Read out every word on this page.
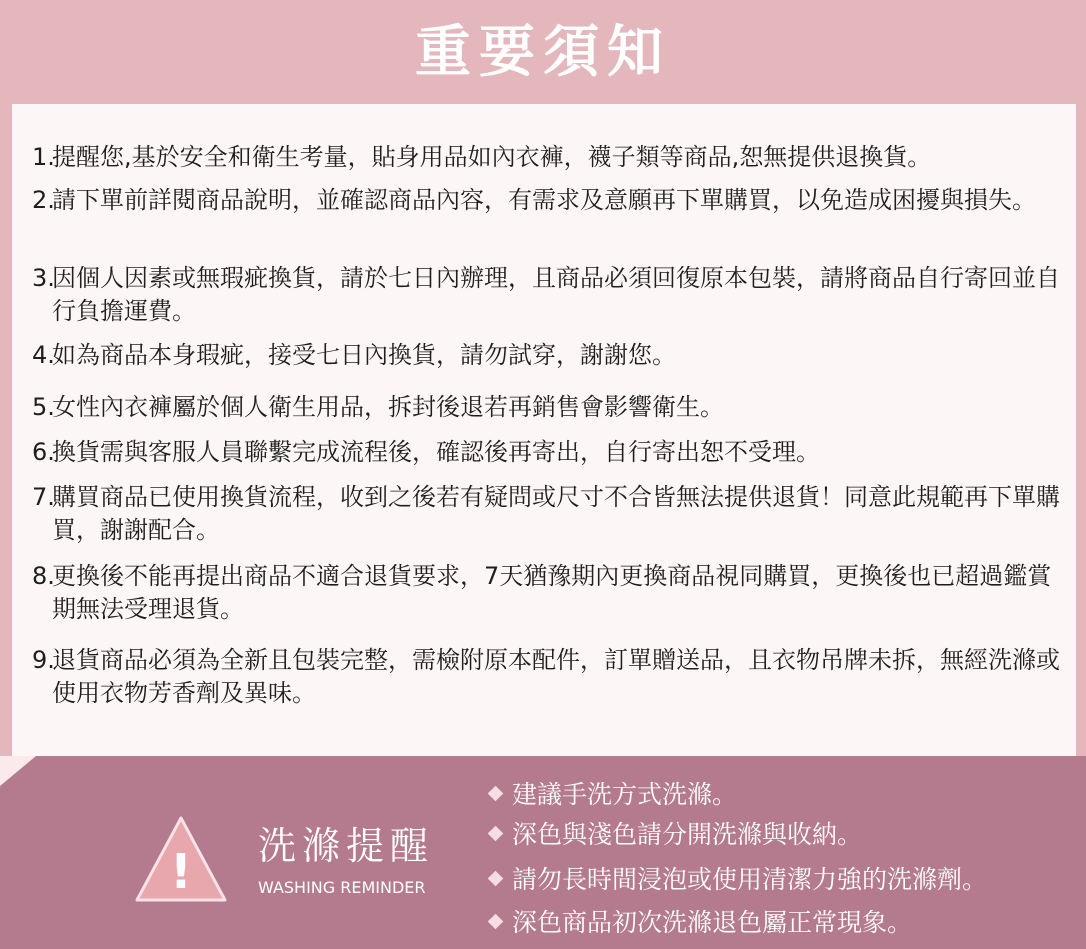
重要須知
1.
提醒您,基於安全和衛生考量，貼身用品如內衣褲，襪子類等商品,恕無提供退換貨。
2.
請下單前詳閱商品說明，並確認商品內容，有需求及意願再下單購買，以免造成困擾與損失。
3.
因個人因素或無瑕疵換貨，請於七日內辦理，且商品必須回復原本包裝，請將商品自行寄回並自行負擔運費。
4.
如為商品本身瑕疵，接受七日內換貨，請勿試穿，謝謝您。
5.
女性內衣褲屬於個人衛生用品，拆封後退若再銷售會影響衛生。
6.
換貨需與客服人員聯繫完成流程後，確認後再寄出，自行寄出恕不受理。
7.
購買商品已使用換貨流程，收到之後若有疑問或尺寸不合皆無法提供退貨！同意此規範再下單購買，謝謝配合。
8.
更換後不能再提出商品不適合退貨要求，7天猶豫期內更換商品視同購買，更換後也已超過鑑賞期無法受理退貨。
9.
退貨商品必須為全新且包裝完整，需檢附原本配件，訂單贈送品，且衣物吊牌未拆，無經洗滌或使用衣物芳香劑及異味。
! 洗滌提醒
WASHING REMINDER
建議手洗方式洗滌。
深色與淺色請分開洗滌與收納。
請勿長時間浸泡或使用清潔力強的洗滌劑。
深色商品初次洗滌退色屬正常現象。
